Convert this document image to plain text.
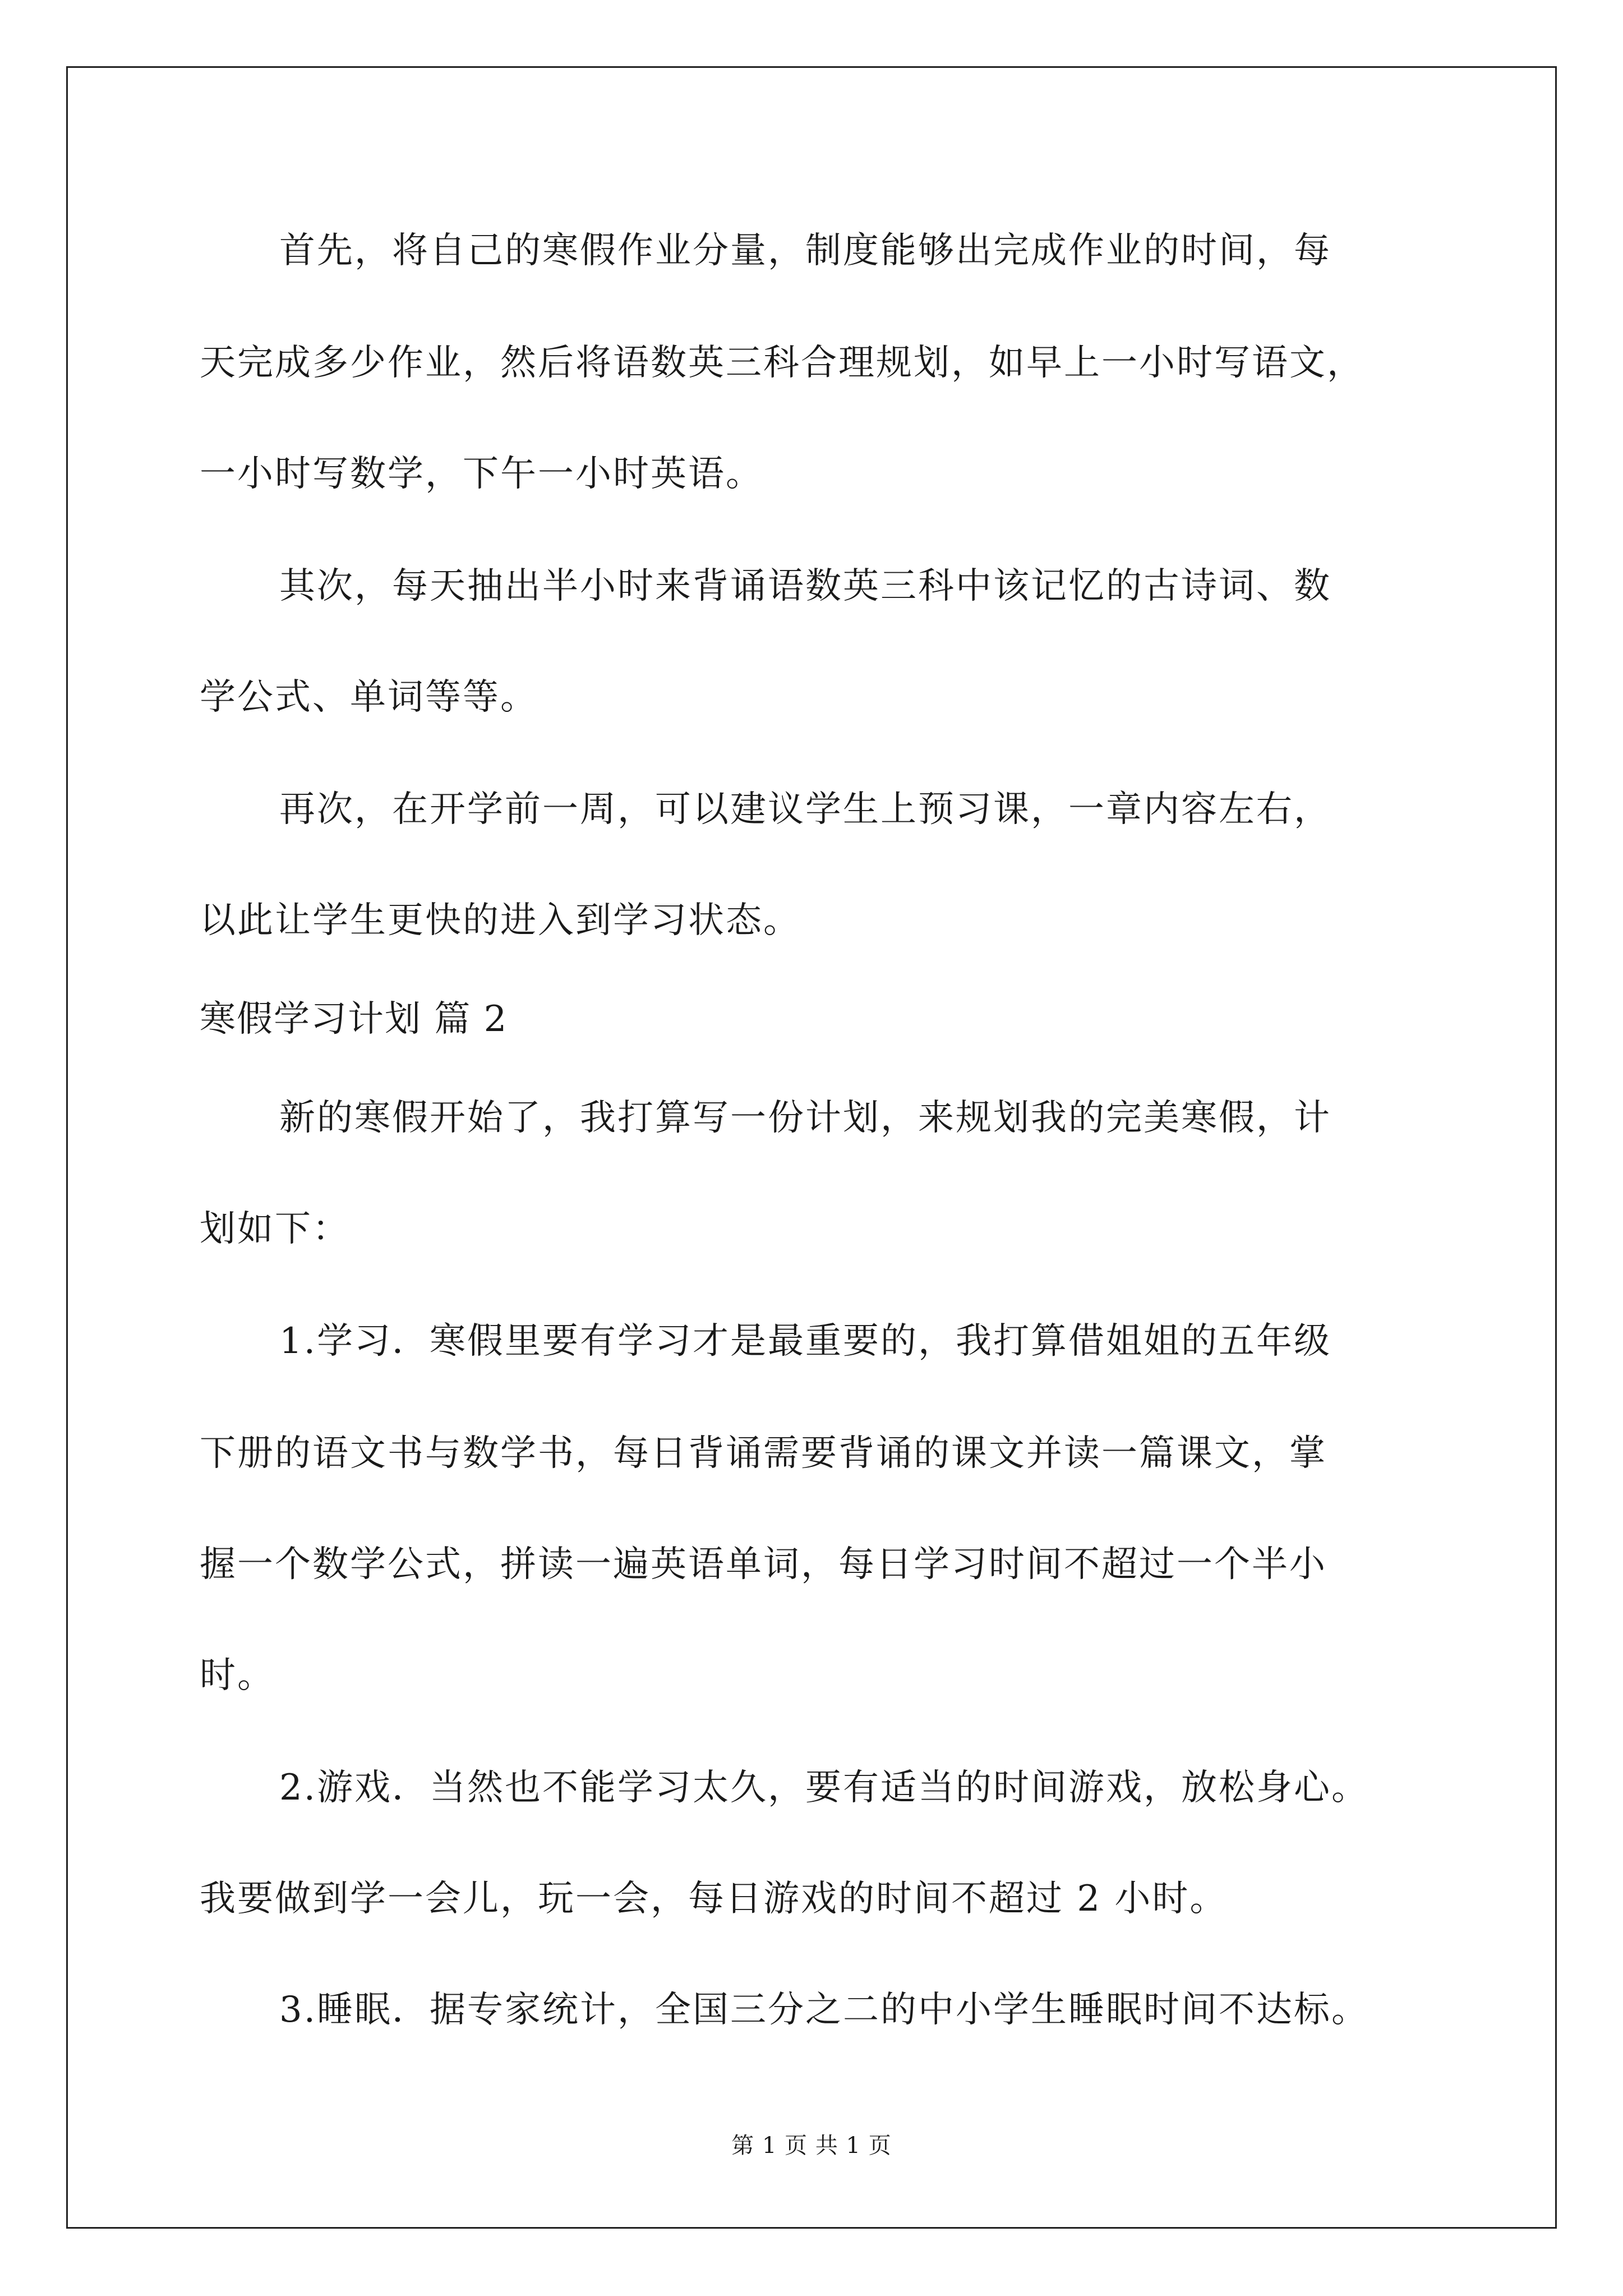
首先，将自己的寒假作业分量，制度能够出完成作业的时间，每
天完成多少作业，然后将语数英三科合理规划，如早上一小时写语文，
一小时写数学，下午一小时英语。
其次，每天抽出半小时来背诵语数英三科中该记忆的古诗词、数
学公式、单词等等。
再次，在开学前一周，可以建议学生上预习课，一章内容左右，
以此让学生更快的进入到学习状态。
寒假学习计划 篇 2
新的寒假开始了，我打算写一份计划，来规划我的完美寒假，计
划如下：
1.学习．寒假里要有学习才是最重要的，我打算借姐姐的五年级
下册的语文书与数学书，每日背诵需要背诵的课文并读一篇课文，掌
握一个数学公式，拼读一遍英语单词，每日学习时间不超过一个半小
时。
2.游戏．当然也不能学习太久，要有适当的时间游戏，放松身心。
我要做到学一会儿，玩一会，每日游戏的时间不超过 2 小时。
3.睡眠．据专家统计，全国三分之二的中小学生睡眠时间不达标。
第 1 页 共 1 页
